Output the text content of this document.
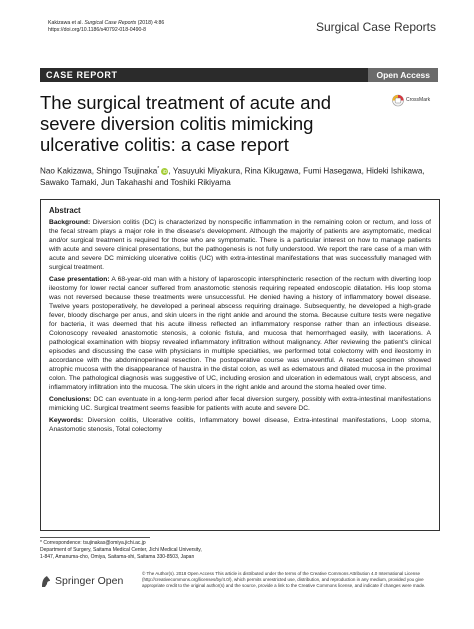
Kakizawa et al. Surgical Case Reports (2018) 4:86
https://doi.org/10.1186/s40792-018-0490-8	Surgical Case Reports
CASE REPORT	Open Access
The surgical treatment of acute and severe diversion colitis mimicking ulcerative colitis: a case report
CrossMark
Nao Kakizawa, Shingo Tsujinaka* iD, Yasuyuki Miyakura, Rina Kikugawa, Fumi Hasegawa, Hideki Ishikawa, Sawako Tamaki, Jun Takahashi and Toshiki Rikiyama
Abstract

Background: Diversion colitis (DC) is characterized by nonspecific inflammation in the remaining colon or rectum, and loss of the fecal stream plays a major role in the disease's development. Although the majority of patients are asymptomatic, medical and/or surgical treatment is required for those who are symptomatic. There is a particular interest on how to manage patients with acute and severe clinical presentations, but the pathogenesis is not fully understood. We report the rare case of a man with acute and severe DC mimicking ulcerative colitis (UC) with extra-intestinal manifestations that was successfully managed with surgical treatment.

Case presentation: A 68-year-old man with a history of laparoscopic intersphincteric resection of the rectum with diverting loop ileostomy for lower rectal cancer suffered from anastomotic stenosis requiring repeated endoscopic dilatation. His loop stoma was not reversed because these treatments were unsuccessful. He denied having a history of inflammatory bowel disease. Twelve years postoperatively, he developed a perineal abscess requiring drainage. Subsequently, he developed a high-grade fever, bloody discharge per anus, and skin ulcers in the right ankle and around the stoma. Because culture tests were negative for bacteria, it was deemed that his acute illness reflected an inflammatory response rather than an infectious disease. Colonoscopy revealed anastomotic stenosis, a colonic fistula, and mucosa that hemorrhaged easily, with lacerations. A pathological examination with biopsy revealed inflammatory infiltration without malignancy. After reviewing the patient's clinical episodes and discussing the case with physicians in multiple specialties, we performed total colectomy with end ileostomy in accordance with the abdominoperineal resection. The postoperative course was uneventful. A resected specimen showed atrophic mucosa with the disappearance of haustra in the distal colon, as well as edematous and dilated mucosa in the proximal colon. The pathological diagnosis was suggestive of UC, including erosion and ulceration in edematous wall, crypt abscess, and inflammatory infiltration into the mucosa. The skin ulcers in the right ankle and around the stoma healed over time.

Conclusions: DC can eventuate in a long-term period after fecal diversion surgery, possibly with extra-intestinal manifestations mimicking UC. Surgical treatment seems feasible for patients with acute and severe DC.

Keywords: Diversion colitis, Ulcerative colitis, Inflammatory bowel disease, Extra-intestinal manifestations, Loop stoma, Anastomotic stenosis, Total colectomy

* Correspondence: tsujinakas@omiya.jichi.ac.jp
Department of Surgery, Saitama Medical Center, Jichi Medical University,
1-847, Amanuma-cho, Omiya, Saitama-shi, Saitama 330-8503, Japan
Springer Open
© The Author(s). 2018 Open Access This article is distributed under the terms of the Creative Commons Attribution 4.0 International License (http://creativecommons.org/licenses/by/4.0/), which permits unrestricted use, distribution, and reproduction in any medium, provided you give appropriate credit to the original author(s) and the source, provide a link to the Creative Commons license, and indicate if changes were made.
